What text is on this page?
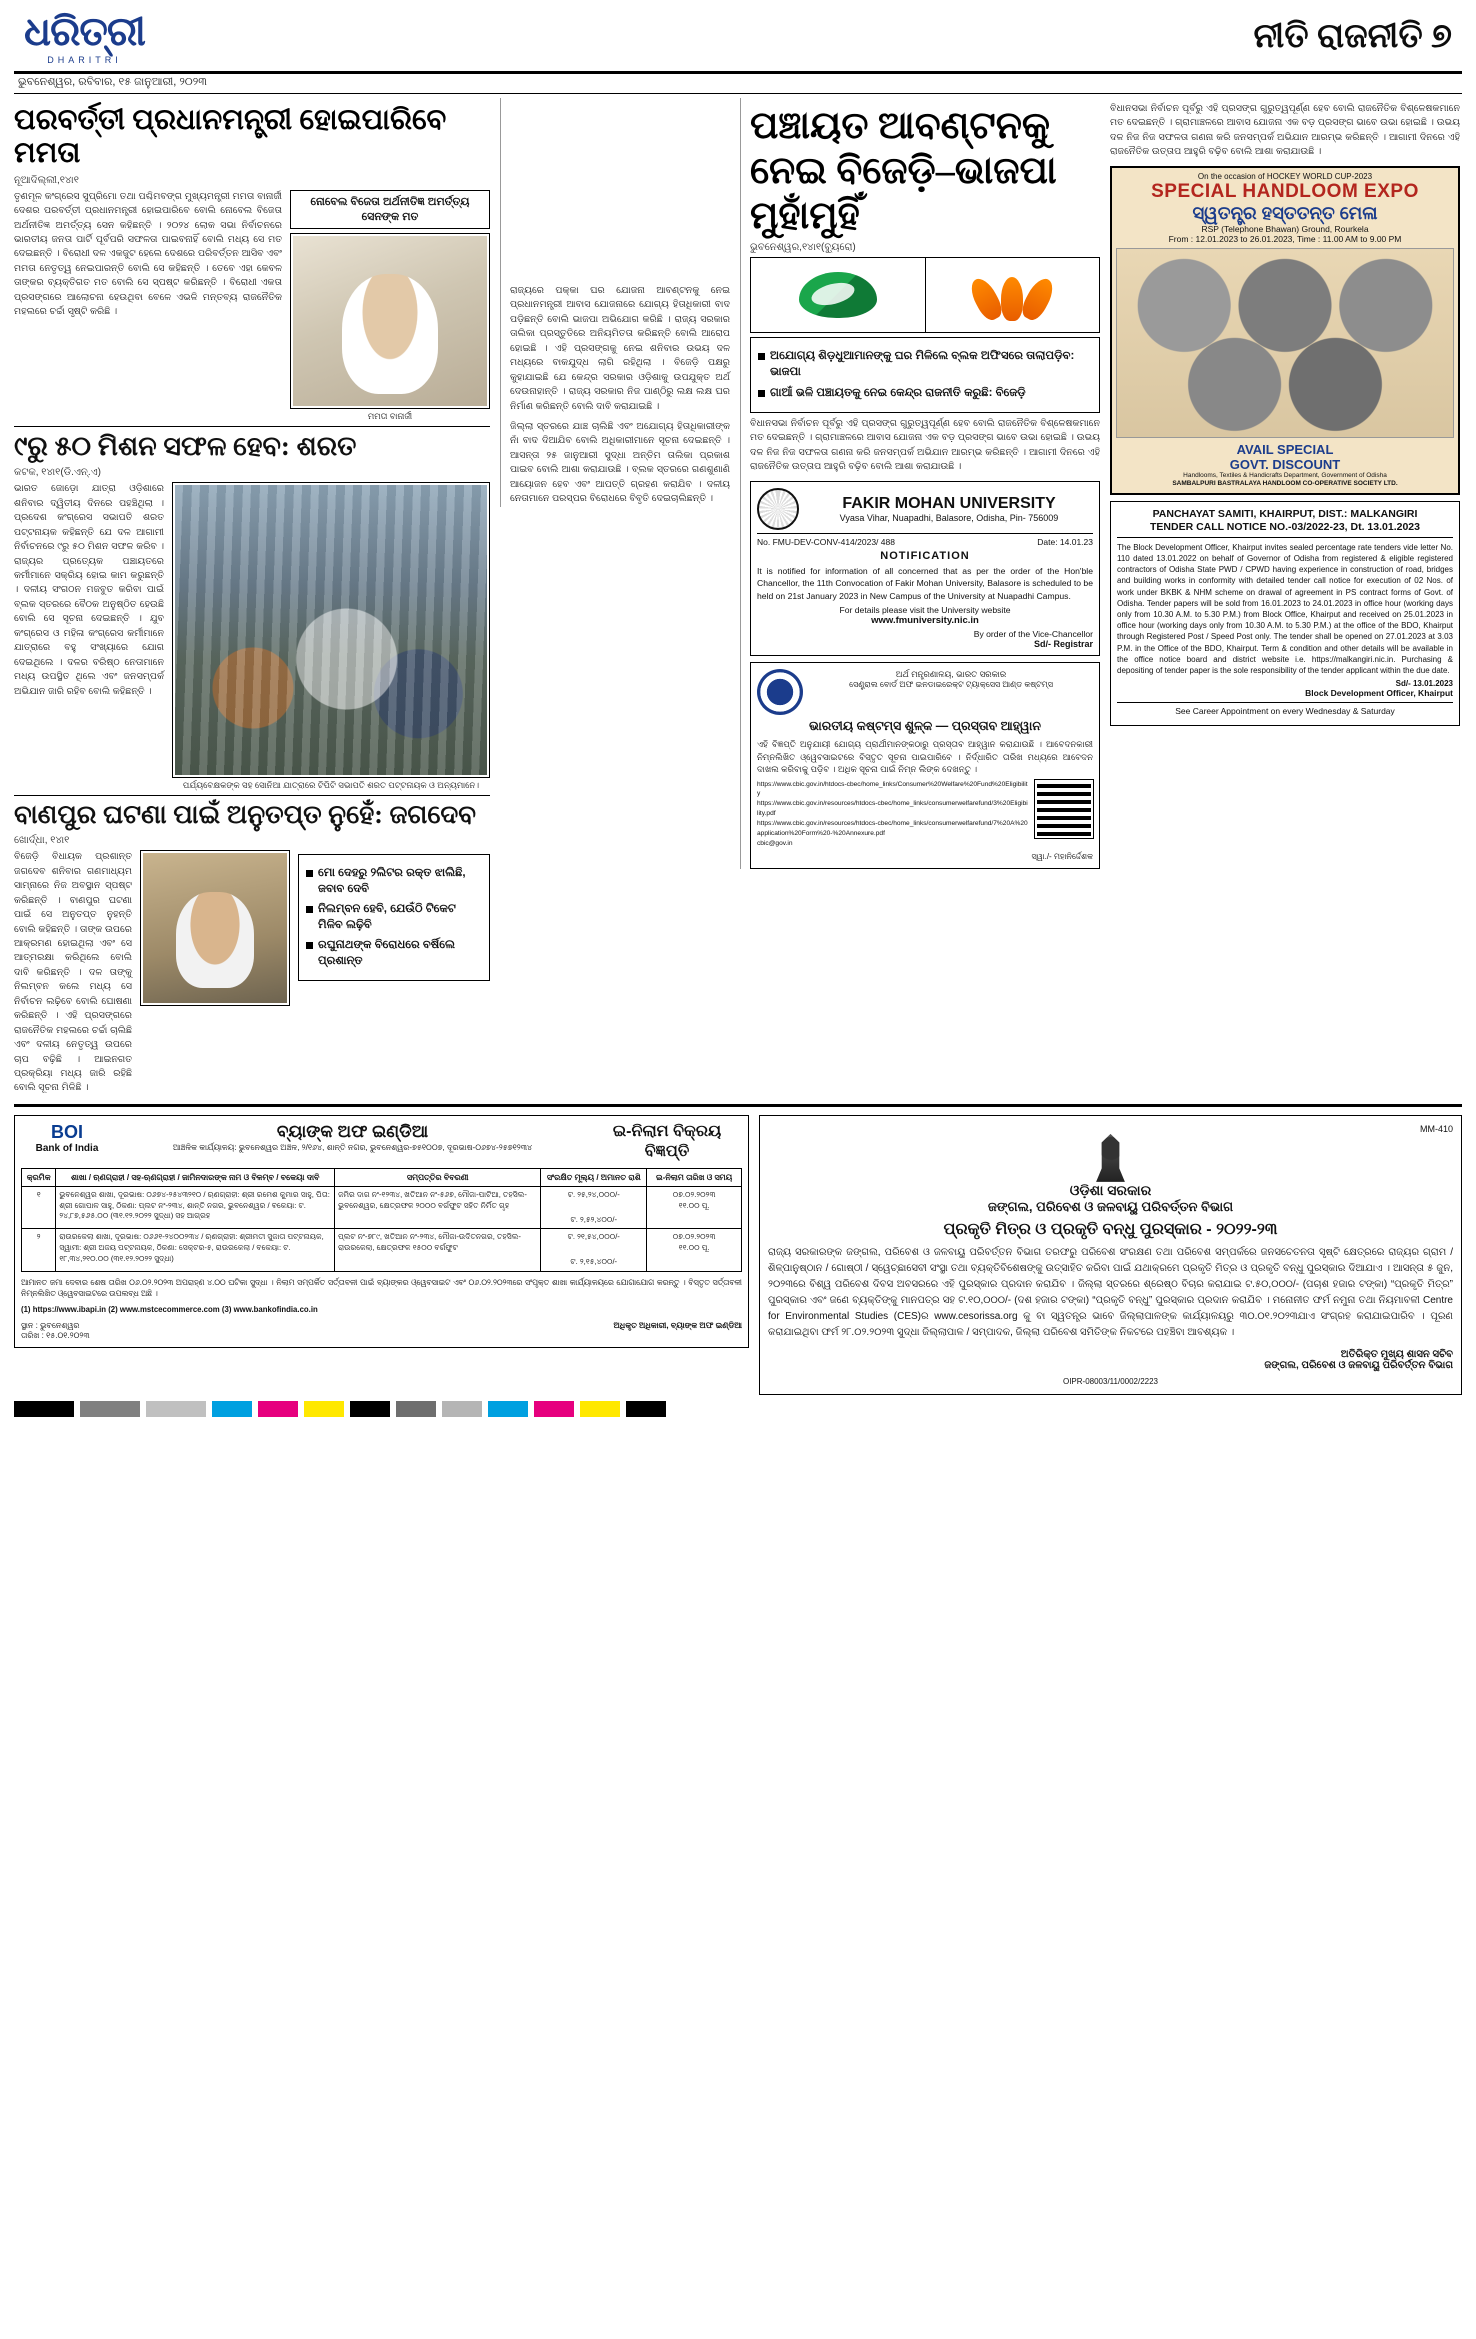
ଧରିତ୍ରୀ
DHARITRI
ନୀତି ରାଜନୀତି ୭
ଭୁବନେଶ୍ୱର, ରବିବାର, ୧୫ ଜାନୁଆରୀ, ୨୦୨୩
ପରବର୍ତ୍ତୀ ପ୍ରଧାନମନ୍ତ୍ରୀ ହୋଇପାରିବେ ମମତା
ନୂଆଦିଲ୍ଲୀ,୧୪ା୧
ତୃଣମୂଳ କଂଗ୍ରେସ ସୁପ୍ରିମୋ ତଥା ପଶ୍ଚିମବଙ୍ଗ ମୁଖ୍ୟମନ୍ତ୍ରୀ ମମତା ବାନାର୍ଜୀ ଦେଶର ପରବର୍ତ୍ତୀ ପ୍ରଧାନମନ୍ତ୍ରୀ ହୋଇପାରିବେ ବୋଲି ନୋବେଲ ବିଜେତା ଅର୍ଥନୀତିଜ୍ଞ ଅମର୍ତ୍ତ୍ୟ ସେନ କହିଛନ୍ତି । ୨୦୨୪ ଲୋକ ସଭା ନିର୍ବାଚନରେ ଭାରତୀୟ ଜନତା ପାର୍ଟି ପୂର୍ବପରି ସଫଳତା ପାଇବନାହିଁ ବୋଲି ମଧ୍ୟ ସେ ମତ ଦେଇଛନ୍ତି । ବିରୋଧୀ ଦଳ ଏକଜୁଟ ହେଲେ ଦେଶରେ ପରିବର୍ତ୍ତନ ଆସିବ ଏବଂ ମମତା ନେତୃତ୍ୱ ନେଇପାରନ୍ତି ବୋଲି ସେ କହିଛନ୍ତି । ତେବେ ଏହା କେବଳ ତାଙ୍କର ବ୍ୟକ୍ତିଗତ ମତ ବୋଲି ସେ ସ୍ପଷ୍ଟ କରିଛନ୍ତି । ବିରୋଧୀ ଏକତା ପ୍ରସଙ୍ଗରେ ଆଲୋଚନା ହେଉଥିବା ବେଳେ ଏଭଳି ମନ୍ତବ୍ୟ ରାଜନୈତିକ ମହଲରେ ଚର୍ଚ୍ଚା ସୃଷ୍ଟି କରିଛି ।
ନୋବେଲ ବିଜେତା ଅର୍ଥନୀତିଜ୍ଞ ଅମର୍ତ୍ତ୍ୟ ସେନଙ୍କ ମତ
ମମତା ବାନାର୍ଜୀ
୯ରୁ ୫୦ ମିଶନ ସଫଳ ହେବ: ଶରତ
କଟକ, ୧୪ା୧(ଡି.ଏନ୍.ଏ)
ଭାରତ ଜୋଡ଼ୋ ଯାତ୍ରା ଓଡ଼ିଶାରେ ଶନିବାର ଦ୍ୱିତୀୟ ଦିନରେ ପହଞ୍ଚିଥିଲା । ପ୍ରଦେଶ କଂଗ୍ରେସ ସଭାପତି ଶରତ ପଟ୍ଟନାୟକ କହିଛନ୍ତି ଯେ ଦଳ ଆଗାମୀ ନିର୍ବାଚନରେ ୯ରୁ ୫୦ ମିଶନ ସଫଳ କରିବ । ରାଜ୍ୟର ପ୍ରତ୍ୟେକ ପଞ୍ଚାୟତରେ କର୍ମୀମାନେ ସକ୍ରିୟ ହୋଇ କାମ କରୁଛନ୍ତି । ଦଳୀୟ ସଂଗଠନ ମଜବୁତ କରିବା ପାଇଁ ବ୍ଲକ ସ୍ତରରେ ବୈଠକ ଅନୁଷ୍ଠିତ ହେଉଛି ବୋଲି ସେ ସୂଚନା ଦେଇଛନ୍ତି । ଯୁବ କଂଗ୍ରେସ ଓ ମହିଳା କଂଗ୍ରେସ କର୍ମୀମାନେ ଯାତ୍ରାରେ ବହୁ ସଂଖ୍ୟାରେ ଯୋଗ ଦେଇଥିଲେ । ଦଳର ବରିଷ୍ଠ ନେତାମାନେ ମଧ୍ୟ ଉପସ୍ଥିତ ଥିଲେ ଏବଂ ଜନସମ୍ପର୍କ ଅଭିଯାନ ଜାରି ରହିବ ବୋଲି କହିଛନ୍ତି ।
ପର୍ଯ୍ୟବେକ୍ଷକଙ୍କ ସହ ସୋନିଆ ଯାତ୍ରାରେ ଟିପିଟି ସଭାପତି ଶରତ ପଟ୍ଟନାୟକ ଓ ଅନ୍ୟମାନେ।
ବାଣପୁର ଘଟଣା ପାଇଁ ଅନୁତପ୍ତ ନୁହେଁ: ଜଗଦେବ
ଖୋର୍ଦ୍ଧା, ୧୪ା୧
ବିଜେଡ଼ି ବିଧାୟକ ପ୍ରଶାନ୍ତ ଜଗଦେବ ଶନିବାର ଗଣମାଧ୍ୟମ ସାମ୍ନାରେ ନିଜ ଅବସ୍ଥାନ ସ୍ପଷ୍ଟ କରିଛନ୍ତି । ବାଣପୁର ଘଟଣା ପାଇଁ ସେ ଅନୁତପ୍ତ ନୁହନ୍ତି ବୋଲି କହିଛନ୍ତି । ତାଙ୍କ ଉପରେ ଆକ୍ରମଣ ହୋଇଥିଲା ଏବଂ ସେ ଆତ୍ମରକ୍ଷା କରିଥିଲେ ବୋଲି ଦାବି କରିଛନ୍ତି । ଦଳ ତାଙ୍କୁ ନିଲମ୍ବନ କଲେ ମଧ୍ୟ ସେ ନିର୍ବାଚନ ଲଢ଼ିବେ ବୋଲି ଘୋଷଣା କରିଛନ୍ତି । ଏହି ପ୍ରସଙ୍ଗରେ ରାଜନୈତିକ ମହଲରେ ଚର୍ଚ୍ଚା ଚାଲିଛି ଏବଂ ଦଳୀୟ ନେତୃତ୍ୱ ଉପରେ ଚାପ ବଢ଼ିଛି । ଆଇନଗତ ପ୍ରକ୍ରିୟା ମଧ୍ୟ ଜାରି ରହିଛି ବୋଲି ସୂଚନା ମିଳିଛି ।
ମୋ ଦେହରୁ ୨ଲିଟର ରକ୍ତ ଝାଲିଛି, ଜବାବ ଦେବି
ନିଲମ୍ବନ ହେବି, ଯେଉଁଠି ଟିକେଟ ମିଳିବ ଲଢ଼ିବି
ରଘୁନାଥଙ୍କ ବିରୋଧରେ ବର୍ଷିଲେ ପ୍ରଶାନ୍ତ
ରାଜ୍ୟରେ ପକ୍କା ଘର ଯୋଜନା ଆବଣ୍ଟନକୁ ନେଇ ପ୍ରଧାନମନ୍ତ୍ରୀ ଆବାସ ଯୋଜନାରେ ଯୋଗ୍ୟ ହିତାଧିକାରୀ ବାଦ ପଡ଼ିଛନ୍ତି ବୋଲି ଭାଜପା ଅଭିଯୋଗ କରିଛି । ରାଜ୍ୟ ସରକାର ତାଲିକା ପ୍ରସ୍ତୁତିରେ ଅନିୟମିତତା କରିଛନ୍ତି ବୋଲି ଆରୋପ ହୋଇଛି । ଏହି ପ୍ରସଙ୍ଗକୁ ନେଇ ଶନିବାର ଉଭୟ ଦଳ ମଧ୍ୟରେ ବାକଯୁଦ୍ଧ ଲାଗି ରହିଥିଲା । ବିଜେଡ଼ି ପକ୍ଷରୁ କୁହାଯାଇଛି ଯେ କେନ୍ଦ୍ର ସରକାର ଓଡ଼ିଶାକୁ ଉପଯୁକ୍ତ ଅର୍ଥ ଦେଉନାହାନ୍ତି । ରାଜ୍ୟ ସରକାର ନିଜ ପାଣ୍ଠିରୁ ଲକ୍ଷ ଲକ୍ଷ ଘର ନିର୍ମାଣ କରିଛନ୍ତି ବୋଲି ଦାବି କରାଯାଇଛି ।
ଜିଲ୍ଲା ସ୍ତରରେ ଯାଞ୍ଚ ଚାଲିଛି ଏବଂ ଅଯୋଗ୍ୟ ହିତାଧିକାରୀଙ୍କ ନାଁ ବାଦ ଦିଆଯିବ ବୋଲି ଅଧିକାରୀମାନେ ସୂଚନା ଦେଇଛନ୍ତି । ଆସନ୍ତା ୨୫ ଜାନୁଆରୀ ସୁଦ୍ଧା ଅନ୍ତିମ ତାଲିକା ପ୍ରକାଶ ପାଇବ ବୋଲି ଆଶା କରାଯାଉଛି । ବ୍ଲକ ସ୍ତରରେ ଗଣଶୁଣାଣି ଆୟୋଜନ ହେବ ଏବଂ ଆପତ୍ତି ଗ୍ରହଣ କରାଯିବ । ଦଳୀୟ ନେତାମାନେ ପରସ୍ପର ବିରୋଧରେ ବିବୃତି ଦେଇଚାଲିଛନ୍ତି ।
ପଞ୍ଚାୟତ ଆବଣ୍ଟନକୁ ନେଇ ବିଜେଡ଼ି–ଭାଜପା ମୁହାଁମୁହିଁ
ଭୁବନେଶ୍ୱର,୧୪ା୧(ବ୍ୟୁରୋ)
ଅଯୋଗ୍ୟ ଶିଡ଼ଧୁଆମାନଙ୍କୁ ଘର ମିଳିଲେ ବ୍ଲକ ଅଫିସରେ ତାଲାପଡ଼ିବ: ଭାଜପା
ଗାଆଁ ଭଳି ପଞ୍ଚାୟତକୁ ନେଇ କେନ୍ଦ୍ର ରାଜନୀତି କରୁଛି: ବିଜେଡ଼ି
ବିଧାନସଭା ନିର୍ବାଚନ ପୂର୍ବରୁ ଏହି ପ୍ରସଙ୍ଗ ଗୁରୁତ୍ୱପୂର୍ଣ୍ଣ ହେବ ବୋଲି ରାଜନୈତିକ ବିଶ୍ଳେଷକମାନେ ମତ ଦେଇଛନ୍ତି । ଗ୍ରାମାଞ୍ଚଳରେ ଆବାସ ଯୋଜନା ଏକ ବଡ଼ ପ୍ରସଙ୍ଗ ଭାବେ ଉଭା ହୋଇଛି । ଉଭୟ ଦଳ ନିଜ ନିଜ ସଫଳତା ଗଣନା କରି ଜନସମ୍ପର୍କ ଅଭିଯାନ ଆରମ୍ଭ କରିଛନ୍ତି । ଆଗାମୀ ଦିନରେ ଏହି ରାଜନୈତିକ ଉତ୍ତାପ ଆହୁରି ବଢ଼ିବ ବୋଲି ଆଶା କରାଯାଉଛି ।
FAKIR MOHAN UNIVERSITY
Vyasa Vihar, Nuapadhi, Balasore, Odisha, Pin- 756009
No. FMU-DEV-CONV-414/2023/ 488	Date: 14.01.23
NOTIFICATION
It is notified for information of all concerned that as per the order of the Hon'ble Chancellor, the 11th Convocation of Fakir Mohan University, Balasore is scheduled to be held on 21st January 2023 in New Campus of the University at Nuapadhi Campus.
For details please visit the University website
www.fmuniversity.nic.in
By order of the Vice-Chancellor
Sd/- Registrar
ଅର୍ଥ ମନ୍ତ୍ରଣାଳୟ, ଭାରତ ସରକାର
ସେଣ୍ଟ୍ରାଲ ବୋର୍ଡ ଅଫ ଇନଡାଇରେକ୍ଟ ଟ୍ୟାକ୍ସେସ ଆଣ୍ଡ କଷ୍ଟମ୍ସ
ଭାରତୀୟ କଷ୍ଟମ୍ସ ଶୁଳ୍କ — ପ୍ରସ୍ତାବ ଆହ୍ୱାନ
ଏହି ବିଜ୍ଞପ୍ତି ଅନୁଯାୟୀ ଯୋଗ୍ୟ ପ୍ରାର୍ଥୀମାନଙ୍କଠାରୁ ପ୍ରସ୍ତାବ ଆହ୍ୱାନ କରାଯାଉଛି । ଆବେଦନକାରୀ ନିମ୍ନଲିଖିତ ଓ୍ୱେବସାଇଟରେ ବିସ୍ତୃତ ସୂଚନା ପାଇପାରିବେ । ନିର୍ଦ୍ଧାରିତ ତାରିଖ ମଧ୍ୟରେ ଆବେଦନ ଦାଖଲ କରିବାକୁ ପଡ଼ିବ । ଅଧିକ ସୂଚନା ପାଇଁ ନିମ୍ନ ଲିଙ୍କ ଦେଖନ୍ତୁ ।
https://www.cbic.gov.in/htdocs-cbec/home_links/Consumer%20Welfare%20Fund%20Eligibility
https://www.cbic.gov.in/resources/htdocs-cbec/home_links/consumerwelfarefund/3%20Eligibility.pdf
https://www.cbic.gov.in/resources/htdocs-cbec/home_links/consumerwelfarefund/7%20A%20application%20Form%20-%20Annexure.pdf
cbic@gov.in
ସ୍ୱା./- ମହାନିର୍ଦ୍ଦେଶକ
ବିଧାନସଭା ନିର୍ବାଚନ ପୂର୍ବରୁ ଏହି ପ୍ରସଙ୍ଗ ଗୁରୁତ୍ୱପୂର୍ଣ୍ଣ ହେବ ବୋଲି ରାଜନୈତିକ ବିଶ୍ଳେଷକମାନେ ମତ ଦେଇଛନ୍ତି । ଗ୍ରାମାଞ୍ଚଳରେ ଆବାସ ଯୋଜନା ଏକ ବଡ଼ ପ୍ରସଙ୍ଗ ଭାବେ ଉଭା ହୋଇଛି । ଉଭୟ ଦଳ ନିଜ ନିଜ ସଫଳତା ଗଣନା କରି ଜନସମ୍ପର୍କ ଅଭିଯାନ ଆରମ୍ଭ କରିଛନ୍ତି । ଆଗାମୀ ଦିନରେ ଏହି ରାଜନୈତିକ ଉତ୍ତାପ ଆହୁରି ବଢ଼ିବ ବୋଲି ଆଶା କରାଯାଉଛି ।
On the occasion of HOCKEY WORLD CUP-2023
SPECIAL HANDLOOM EXPO
ସ୍ୱତନ୍ତ୍ର ହସ୍ତତନ୍ତ ମେଳା
RSP (Telephone Bhawan) Ground, Rourkela
From : 12.01.2023 to 26.01.2023, Time : 11.00 AM to 9.00 PM
AVAIL SPECIAL
GOVT. DISCOUNT
Handlooms, Textiles & Handicrafts Department, Government of Odisha
SAMBALPURI BASTRALAYA HANDLOOM CO-OPERATIVE SOCIETY LTD.
PANCHAYAT SAMITI, KHAIRPUT, DIST.: MALKANGIRI
TENDER CALL NOTICE NO.-03/2022-23, Dt. 13.01.2023
The Block Development Officer, Khairput invites sealed percentage rate tenders vide letter No. 110 dated 13.01.2022 on behalf of Governor of Odisha from registered & eligible registered contractors of Odisha State PWD / CPWD having experience in construction of road, bridges and building works in conformity with detailed tender call notice for execution of 02 Nos. of work under BKBK & NHM scheme on drawal of agreement in PS contract forms of Govt. of Odisha. Tender papers will be sold from 16.01.2023 to 24.01.2023 in office hour (working days only from 10.30 A.M. to 5.30 P.M.) from Block Office, Khairput and received on 25.01.2023 in office hour (working days only from 10.30 A.M. to 5.30 P.M.) at the office of the BDO, Khairput through Registered Post / Speed Post only. The tender shall be opened on 27.01.2023 at 3.03 P.M. in the Office of the BDO, Khairput. Term & condition and other details will be available in the office notice board and district website i.e. https://malkangiri.nic.in. Purchasing & depositing of tender paper is the sole responsibility of the tender applicant within the due date.
Sd/- 13.01.2023
Block Development Officer, Khairput
See Career Appointment on every Wednesday & Saturday
BOI
Bank of India
ବ୍ୟାଙ୍କ ଅଫ ଇଣ୍ଡିଆ
ଆଞ୍ଚଳିକ କାର୍ଯ୍ୟାଳୟ: ଭୁବନେଶ୍ୱର ଅଞ୍ଚଳ, ୨/୧୬୪, ଶାନ୍ତି ନଗର, ଭୁବନେଶ୍ୱର-୭୫୧୦୦୭, ଦୂରଭାଷ-୦୬୭୪-୨୫୭୧୨୩୪
ଇ-ନିଲାମ ବିକ୍ରୟ ବିଜ୍ଞପ୍ତି
କ୍ରମିକ	ଶାଖା / ଋଣଗ୍ରାହୀ / ସହ-ଋଣଗ୍ରାହୀ / ଜାମିନଦାରଙ୍କ ନାମ ଓ ବିଳମ୍ବ / ବକେୟା ଦାବି	ସମ୍ପତ୍ତିର ବିବରଣୀ	ସଂରକ୍ଷିତ ମୂଲ୍ୟ / ଅମାନତ ରାଶି	ଇ-ନିଲାମ ତାରିଖ ଓ ସମୟ
୧	ଭୁବନେଶ୍ୱର ଶାଖା, ଦୂରଭାଷ: ୦୬୭୪-୨୫୪୩୨୧୦ / ଋଣଗ୍ରାହୀ: ଶ୍ରୀ ରମେଶ କୁମାର ସାହୁ, ପିତା: ଶ୍ରୀ ଗୋପାଳ ସାହୁ, ଠିକଣା: ପ୍ଲଟ ନଂ-୨୩୪, ଶାନ୍ତି ନଗର, ଭୁବନେଶ୍ୱର / ବକେୟା: ଟ. ୨୪,୮୭,୫୬୫.୦୦ (୩୧.୧୨.୨୦୨୨ ସୁଦ୍ଧା) ସହ ଆଗ୍ରହ	ଜମିର ଦାଗ ନଂ-୧୨୩୪, ଖତିଆନ ନଂ-୫୬୭, ମୌଜା-ପାଟିଆ, ତହସିଲ-ଭୁବନେଶ୍ୱର, କ୍ଷେତ୍ରଫଳ ୨୦୦୦ ବର୍ଗଫୁଟ ସହିତ ନିର୍ମିତ ଗୃହ	
ଟ. ୨୫,୨୪,୦୦୦/-
ଟ. ୨,୫୨,୪୦୦/-

୦୭.୦୨.୨୦୨୩
୧୧.୦୦ ପୂ.

୨	ରାଉରକେଲା ଶାଖା, ଦୂରଭାଷ: ୦୬୬୧-୨୪୦୦୨୩୪ / ଋଣଗ୍ରାହୀ: ଶ୍ରୀମତୀ ସୁଜାତା ପଟ୍ଟନାୟକ, ସ୍ୱାମୀ: ଶ୍ରୀ ଅଜୟ ପଟ୍ଟନାୟକ, ଠିକଣା: ସେକ୍ଟର-୫, ରାଉରକେଲା / ବକେୟା: ଟ. ୧୮,୩୪,୨୧୦.୦୦ (୩୧.୧୨.୨୦୨୨ ସୁଦ୍ଧା)	ପ୍ଲଟ ନଂ-୭୮୯, ଖତିଆନ ନଂ-୨୩୪, ମୌଜା-ଉଦିତନଗର, ତହସିଲ-ରାଉରକେଲା, କ୍ଷେତ୍ରଫଳ ୧୫୦୦ ବର୍ଗଫୁଟ	
ଟ. ୨୧,୫୪,୦୦୦/-
ଟ. ୨,୧୫,୪୦୦/-

୦୭.୦୨.୨୦୨୩
୧୧.୦୦ ପୂ.
ଆମାନତ ଜମା ଦେବାର ଶେଷ ତାରିଖ ୦୬.୦୨.୨୦୨୩ ଅପରାହ୍ଣ ୪.୦୦ ଘଟିକା ସୁଦ୍ଧା । ନିଲାମ ସମ୍ପର୍କିତ ସର୍ତ୍ତାବଳୀ ପାଇଁ ବ୍ୟାଙ୍କର ଓ୍ୱେବସାଇଟ ଏବଂ ୦୬.୦୨.୨୦୨୩ରେ ସଂପୃକ୍ତ ଶାଖା କାର୍ଯ୍ୟାଳୟରେ ଯୋଗାଯୋଗ କରନ୍ତୁ । ବିସ୍ତୃତ ସର୍ତ୍ତାବଳୀ ନିମ୍ନଲିଖିତ ଓ୍ୱେବସାଇଟରେ ଉପଲବ୍ଧ ଅଛି ।
(1) https://www.ibapi.in (2) www.mstcecommerce.com (3) www.bankofindia.co.in
ସ୍ଥାନ : ଭୁବନେଶ୍ୱର
ତାରିଖ : ୧୫.୦୧.୨୦୨୩
ଅଧିକୃତ ଅଧିକାରୀ, ବ୍ୟାଙ୍କ ଅଫ ଇଣ୍ଡିଆ
MM-410
ଓଡ଼ିଶା ସରକାର
ଜଙ୍ଗଲ, ପରିବେଶ ଓ ଜଳବାୟୁ ପରିବର୍ତ୍ତନ ବିଭାଗ
ପ୍ରକୃତି ମିତ୍ର ଓ ପ୍ରକୃତି ବନ୍ଧୁ ପୁରସ୍କାର - ୨୦୨୨-୨୩
ରାଜ୍ୟ ସରକାରଙ୍କ ଜଙ୍ଗଲ, ପରିବେଶ ଓ ଜଳବାୟୁ ପରିବର୍ତ୍ତନ ବିଭାଗ ତରଫରୁ ପରିବେଶ ସଂରକ୍ଷଣ ତଥା ପରିବେଶ ସମ୍ପର୍କରେ ଜନସଚେତନତା ସୃଷ୍ଟି କ୍ଷେତ୍ରରେ ରାଜ୍ୟର ଗ୍ରାମ / ଶିଳ୍ପାନୁଷ୍ଠାନ / ଗୋଷ୍ଠୀ / ସ୍ୱେଚ୍ଛାସେବୀ ସଂସ୍ଥା ତଥା ବ୍ୟକ୍ତିବିଶେଷଙ୍କୁ ଉତ୍ସାହିତ କରିବା ପାଇଁ ଯଥାକ୍ରମେ ପ୍ରକୃତି ମିତ୍ର ଓ ପ୍ରକୃତି ବନ୍ଧୁ ପୁରସ୍କାର ଦିଆଯାଏ । ଆସନ୍ତା ୫ ଜୁନ, ୨୦୨୩ରେ ବିଶ୍ୱ ପରିବେଶ ଦିବସ ଅବସରରେ ଏହି ପୁରସ୍କାର ପ୍ରଦାନ କରାଯିବ । ଜିଲ୍ଲା ସ୍ତରରେ ଶ୍ରେଷ୍ଠ ବିଚାର କରାଯାଇ ଟ.୫୦,୦୦୦/- (ପଚାଶ ହଜାର ଟଙ୍କା) “ପ୍ରକୃତି ମିତ୍ର” ପୁରସ୍କାର ଏବଂ ଜଣେ ବ୍ୟକ୍ତିଙ୍କୁ ମାନପତ୍ର ସହ ଟ.୧୦,୦୦୦/- (ଦଶ ହଜାର ଟଙ୍କା) “ପ୍ରକୃତି ବନ୍ଧୁ” ପୁରସ୍କାର ପ୍ରଦାନ କରାଯିବ । ମନୋନୀତ ଫର୍ମ ନମୁନା ତଥା ନିୟମାବଳୀ Centre for Environmental Studies (CES)ର www.cesorissa.org କୁ ବା ସ୍ୱତନ୍ତ୍ର ଭାବେ ଜିଲ୍ଲାପାଳଙ୍କ କାର୍ଯ୍ୟାଳୟରୁ ୩୦.୦୧.୨୦୨୩ଯାଏ ସଂଗ୍ରହ କରାଯାଇପାରିବ । ପୂରଣ କରାଯାଇଥିବା ଫର୍ମ ୨୮.୦୨.୨୦୨୩ ସୁଦ୍ଧା ଜିଲ୍ଲାପାଳ / ସମ୍ପାଦକ, ଜିଲ୍ଲା ପରିବେଶ ସମିତିଙ୍କ ନିକଟରେ ପହଞ୍ଚିବା ଆବଶ୍ୟକ ।
ଅତିରିକ୍ତ ମୁଖ୍ୟ ଶାସନ ସଚିବ
ଜଙ୍ଗଲ, ପରିବେଶ ଓ ଜଳବାୟୁ ପରିବର୍ତ୍ତନ ବିଭାଗ
OIPR-08003/11/0002/2223
